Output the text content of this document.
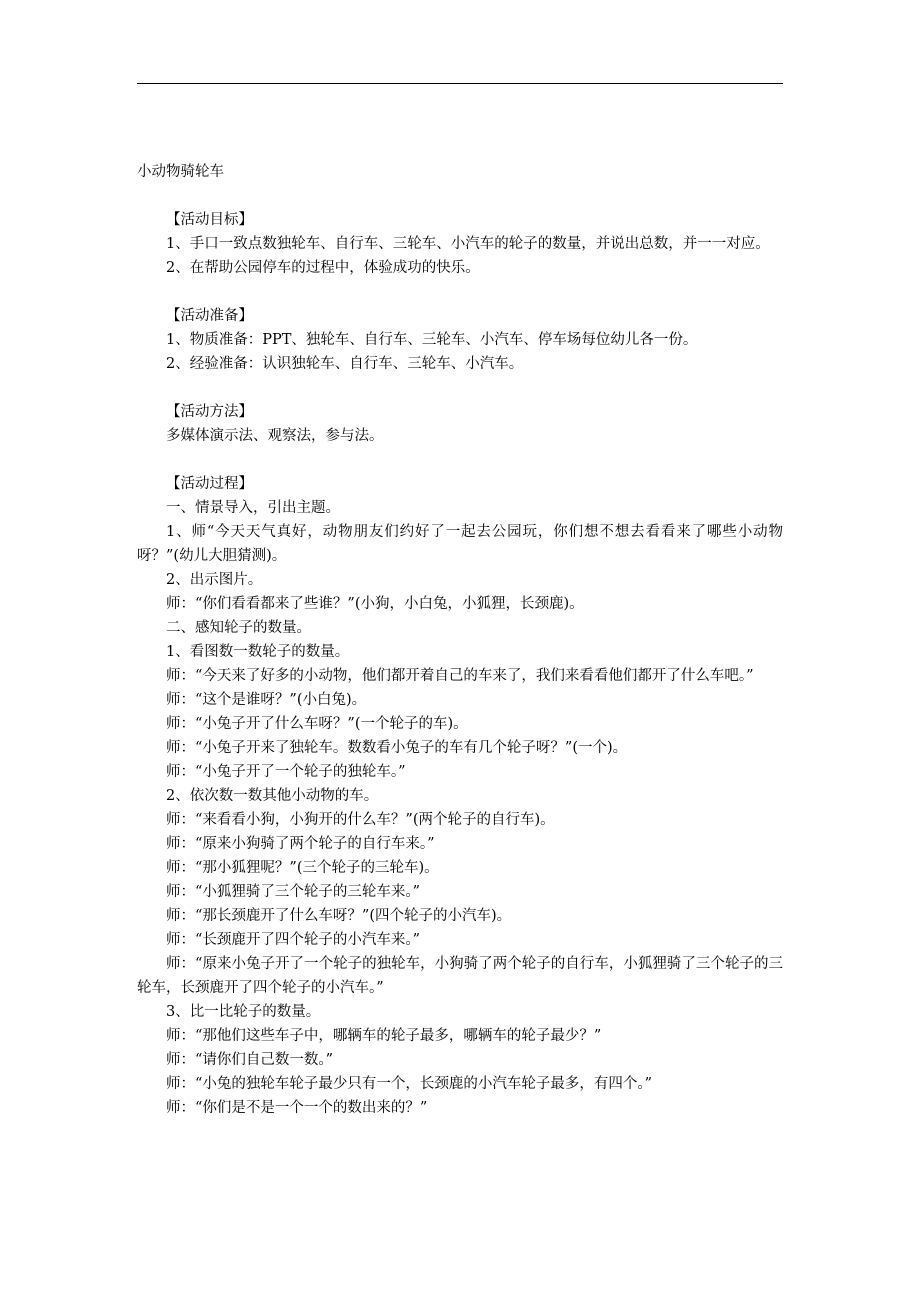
小动物骑轮车
【活动目标】

1、手口一致点数独轮车、自行车、三轮车、小汽车的轮子的数量，并说出总数，并一一对应。

2、在帮助公园停车的过程中，体验成功的快乐。

【活动准备】

1、物质准备：PPT、独轮车、自行车、三轮车、小汽车、停车场每位幼儿各一份。

2、经验准备：认识独轮车、自行车、三轮车、小汽车。

【活动方法】

多媒体演示法、观察法，参与法。

【活动过程】

一、情景导入，引出主题。

1、师“今天天气真好，动物朋友们约好了一起去公园玩，你们想不想去看看来了哪些小动物呀？”(幼儿大胆猜测)。

2、出示图片。

师：“你们看看都来了些谁？”(小狗，小白兔，小狐狸，长颈鹿)。

二、感知轮子的数量。

1、看图数一数轮子的数量。

师：“今天来了好多的小动物，他们都开着自己的车来了，我们来看看他们都开了什么车吧。”

师：“这个是谁呀？”(小白兔)。

师：“小兔子开了什么车呀？”(一个轮子的车)。

师：“小兔子开来了独轮车。数数看小兔子的车有几个轮子呀？”(一个)。

师：“小兔子开了一个轮子的独轮车。”

2、依次数一数其他小动物的车。

师：“来看看小狗，小狗开的什么车？”(两个轮子的自行车)。

师：“原来小狗骑了两个轮子的自行车来。”

师：“那小狐狸呢？”(三个轮子的三轮车)。

师：“小狐狸骑了三个轮子的三轮车来。”

师：“那长颈鹿开了什么车呀？”(四个轮子的小汽车)。

师：“长颈鹿开了四个轮子的小汽车来。”

师：“原来小兔子开了一个轮子的独轮车，小狗骑了两个轮子的自行车，小狐狸骑了三个轮子的三轮车，长颈鹿开了四个轮子的小汽车。”

3、比一比轮子的数量。

师：“那他们这些车子中，哪辆车的轮子最多，哪辆车的轮子最少？”

师：“请你们自己数一数。”

师：“小兔的独轮车轮子最少只有一个，长颈鹿的小汽车轮子最多，有四个。”

师：“你们是不是一个一个的数出来的？”
